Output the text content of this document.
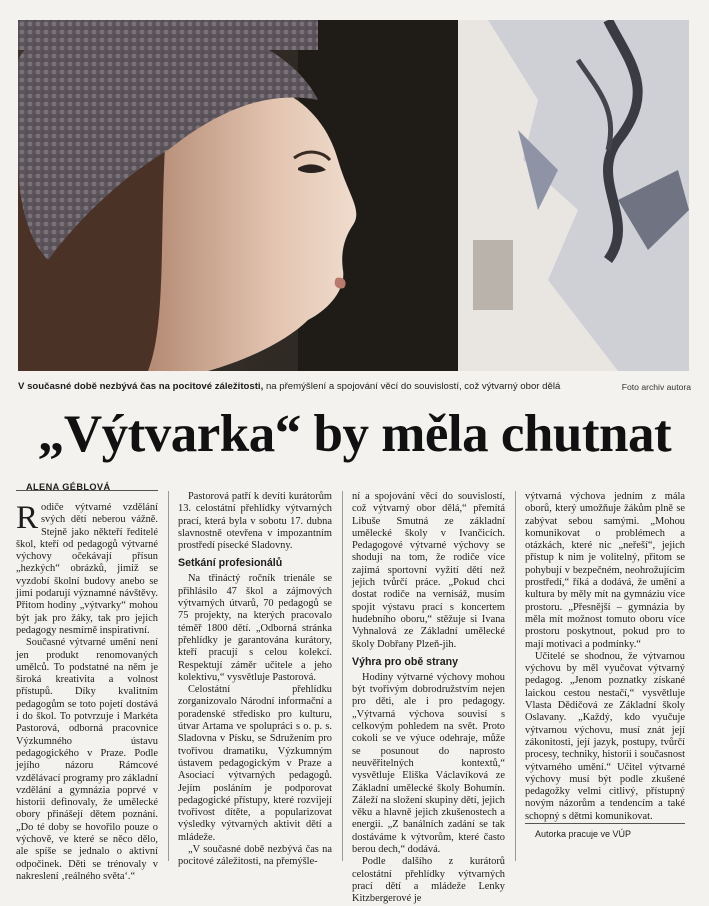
V současné době nezbývá čas na pocitové záležitosti, na přemýšlení a spojování věcí do souvislostí, což výtvarný obor dělá	Foto archiv autora
„Výtvarka“ by měla chutnat
ALENA GÉBLOVÁ

Rodiče výtvarné vzdělání svých dětí neberou vážně. Stejně jako někteří ředitelé škol, kteří od pedagogů výtvarné výchovy očekávají přísun „hezkých“ obrázků, jimiž se vyzdobí školní budovy anebo se jimi podarují významné návštěvy. Přitom hodiny „výtvarky“ mohou být jak pro žáky, tak pro jejich pedagogy nesmírně inspirativní.

Současné výtvarné umění není jen produkt renomovaných umělců. To podstatné na něm je široká kreativita a volnost přístupů. Díky kvalitním pedagogům se toto pojetí dostává i do škol. To potvrzuje i Markéta Pastorová, odborná pracovnice Výzkumného ústavu pedagogického v Praze. Podle jejího názoru Rámcové vzdělávací programy pro základní vzdělání a gymnázia poprvé v historii definovaly, že umělecké obory přinášejí dětem poznání. „Do té doby se hovořilo pouze o výchově, ve které se něco dělo, ale spíše se jednalo o aktivní odpočinek. Děti se trénovaly v nakreslení ‚reálného světa‘.“

Pastorová patří k devíti kurátorům 13. celostátní přehlídky výtvarných prací, která byla v sobotu 17. dubna slavnostně otevřena v impozantním prostředí písecké Sladovny.

Setkání profesionálů

Na třináctý ročník trienále se přihlásilo 47 škol a zájmových výtvarných útvarů, 70 pedagogů se 75 projekty, na kterých pracovalo téměř 1800 dětí. „Odborná stránka přehlídky je garantována kurátory, kteří pracují s celou kolekcí. Respektují záměr učitele a jeho kolektivu,“ vysvětluje Pastorová.

Celostátní přehlídku zorganizovalo Národní informační a poradenské středisko pro kulturu, útvar Artama ve spolupráci s o. p. s. Sladovna v Písku, se Sdružením pro tvořivou dramatiku, Výzkumným ústavem pedagogickým v Praze a Asociací výtvarných pedagogů. Jejím posláním je podporovat pedagogické přístupy, které rozvíjejí tvořivost dítěte, a popularizovat výsledky výtvarných aktivit dětí a mládeže.

„V současné době nezbývá čas na pocitové záležitosti, na přemýšle-

ní a spojování věcí do souvislostí, což výtvarný obor dělá,“ přemítá Libuše Smutná ze základní umělecké školy v Ivančicích. Pedagogové výtvarné výchovy se shodují na tom, že rodiče více zajímá sportovní vyžití dětí než jejich tvůrčí práce. „Pokud chci dostat rodiče na vernisáž, musím spojit výstavu prací s koncertem hudebního oboru,“ stěžuje si Ivana Vyhnalová ze Základní umělecké školy Dobřany Plzeň-jih.

Výhra pro obě strany

Hodiny výtvarné výchovy mohou být tvořivým dobrodružstvím nejen pro děti, ale i pro pedagogy. „Výtvarná výchova souvisí s celkovým pohledem na svět. Proto cokoli se ve výuce odehraje, může se posunout do naprosto neuvěřitelných kontextů,“ vysvětluje Eliška Václavíková ze Základní umělecké školy Bohumín. Záleží na složení skupiny dětí, jejich věku a hlavně jejich zkušenostech a energii. „Z banálních zadání se tak dostáváme k výtvorům, které často berou dech,“ dodává.

Podle dalšího z kurátorů celostátní přehlídky výtvarných prací dětí a mládeže Lenky Kitzbergerové je

výtvarná výchova jedním z mála oborů, který umožňuje žákům plně se zabývat sebou samými. „Mohou komunikovat o problémech a otázkách, které nic „neřeší“, jejich přístup k nim je volitelný, přitom se pohybují v bezpečném, neohrožujícím prostředí,“ říká a dodává, že umění a kultura by měly mít na gymnáziu více prostoru. „Přesnější – gymnázia by měla mít možnost tomuto oboru více prostoru poskytnout, pokud pro to mají motivaci a podmínky.“

Učitelé se shodnou, že výtvarnou výchovu by měl vyučovat výtvarný pedagog. „Jenom poznatky získané laickou cestou nestačí,“ vysvětluje Vlasta Dědičová ze Základní školy Oslavany. „Každý, kdo vyučuje výtvarnou výchovu, musí znát její zákonitosti, její jazyk, postupy, tvůrčí procesy, techniky, historii i současnost výtvarného umění.“ Učitel výtvarné výchovy musí být podle zkušené pedagožky velmi citlivý, přístupný novým názorům a tendencím a také schopný s dětmi komunikovat.

Autorka pracuje ve VÚP
